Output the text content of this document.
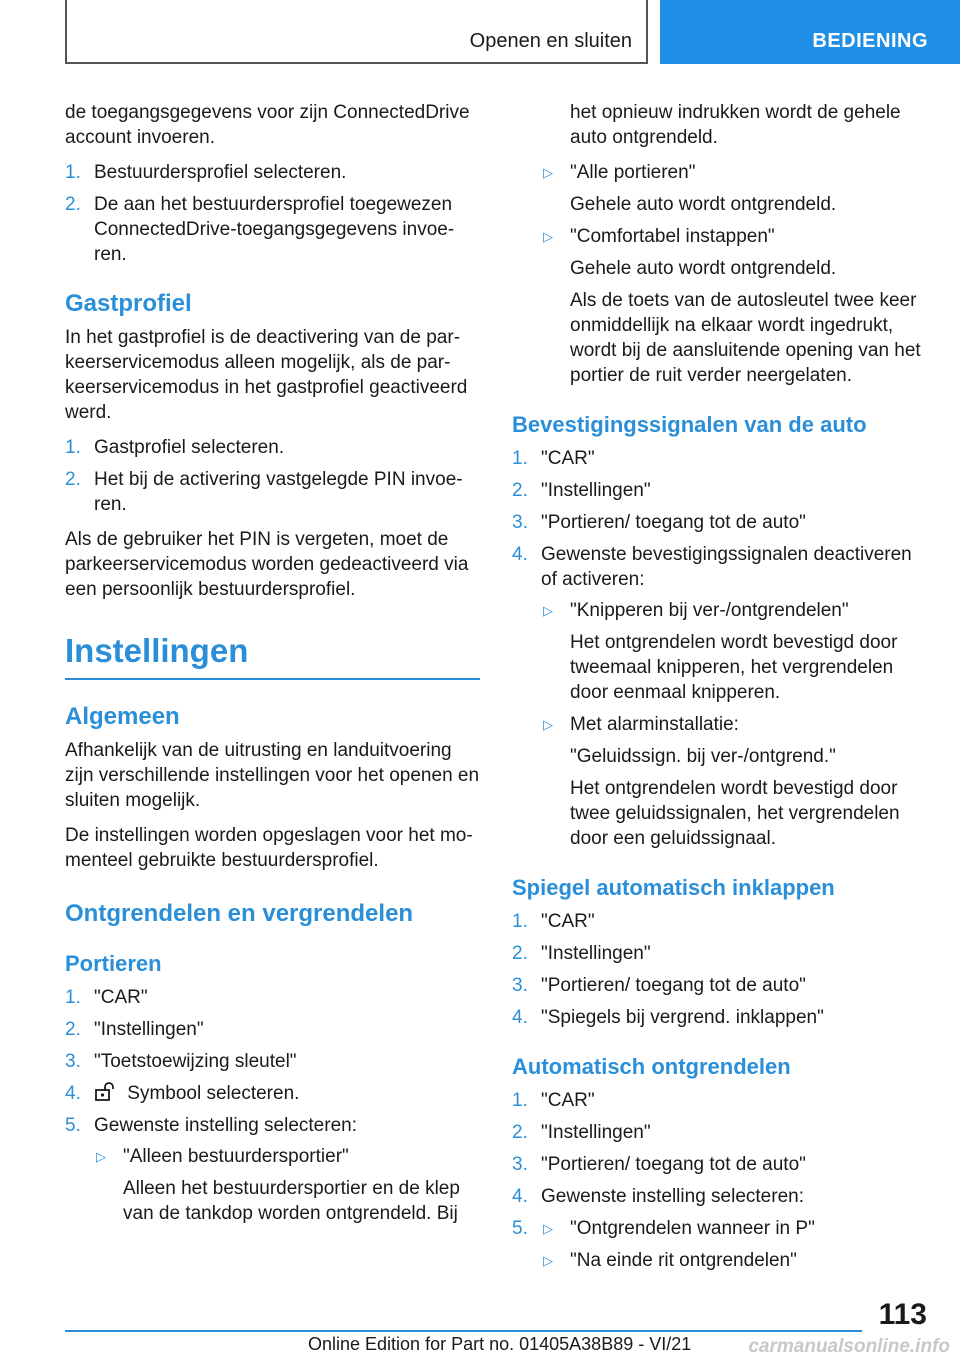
Openen en sluiten	BEDIENING

de toegangsgegevens voor zijn ConnectedDrive account invoeren.

1. Bestuurdersprofiel selecteren.
2. De aan het bestuurdersprofiel toegewezen ConnectedDrive-toegangsgegevens invoeren.
Gastprofiel

In het gastprofiel is de deactivering van de parkeerservicemodus alleen mogelijk, als de parkeerservicemodus in het gastprofiel geactiveerd werd.

1. Gastprofiel selecteren.
2. Het bij de activering vastgelegde PIN invoeren.

Als de gebruiker het PIN is vergeten, moet de parkeerservicemodus worden gedeactiveerd via een persoonlijk bestuurdersprofiel.

Instellingen
Algemeen

Afhankelijk van de uitrusting en landuitvoering zijn verschillende instellingen voor het openen en sluiten mogelijk.

De instellingen worden opgeslagen voor het momenteel gebruikte bestuurdersprofiel.

Ontgrendelen en vergrendelen
Portieren
1. "CAR"
2. "Instellingen"
3. "Toetstoewijzing sleutel"
4. Symbool selecteren.
5. Gewenste instelling selecteren:
▷ "Alleen bestuurdersportier"

Alleen het bestuurdersportier en de klep van de tankdop worden ontgrendeld. Bij

het opnieuw indrukken wordt de gehele auto ontgrendeld.

▷ "Alle portieren"

Gehele auto wordt ontgrendeld.

▷ "Comfortabel instappen"

Gehele auto wordt ontgrendeld.

Als de toets van de autosleutel twee keer onmiddellijk na elkaar wordt ingedrukt, wordt bij de aansluitende opening van het portier de ruit verder neergelaten.

Bevestigingssignalen van de auto
1. "CAR"
2. "Instellingen"
3. "Portieren/ toegang tot de auto"
4. Gewenste bevestigingssignalen deactiveren of activeren:
▷ "Knipperen bij ver-/ontgrendelen"

Het ontgrendelen wordt bevestigd door tweemaal knipperen, het vergrendelen door eenmaal knipperen.

▷ Met alarminstallatie:

"Geluidssign. bij ver-/ontgrend."

Het ontgrendelen wordt bevestigd door twee geluidssignalen, het vergrendelen door een geluidssignaal.

Spiegel automatisch inklappen
1. "CAR"
2. "Instellingen"
3. "Portieren/ toegang tot de auto"
4. "Spiegels bij vergrend. inklappen"
Automatisch ontgrendelen
1. "CAR"
2. "Instellingen"
3. "Portieren/ toegang tot de auto"
4. Gewenste instelling selecteren:
5. ▷ "Ontgrendelen wanneer in P"
▷ "Na einde rit ontgrendelen"
113
Online Edition for Part no. 01405A38B89 - VI/21	carmanualsonline.info
